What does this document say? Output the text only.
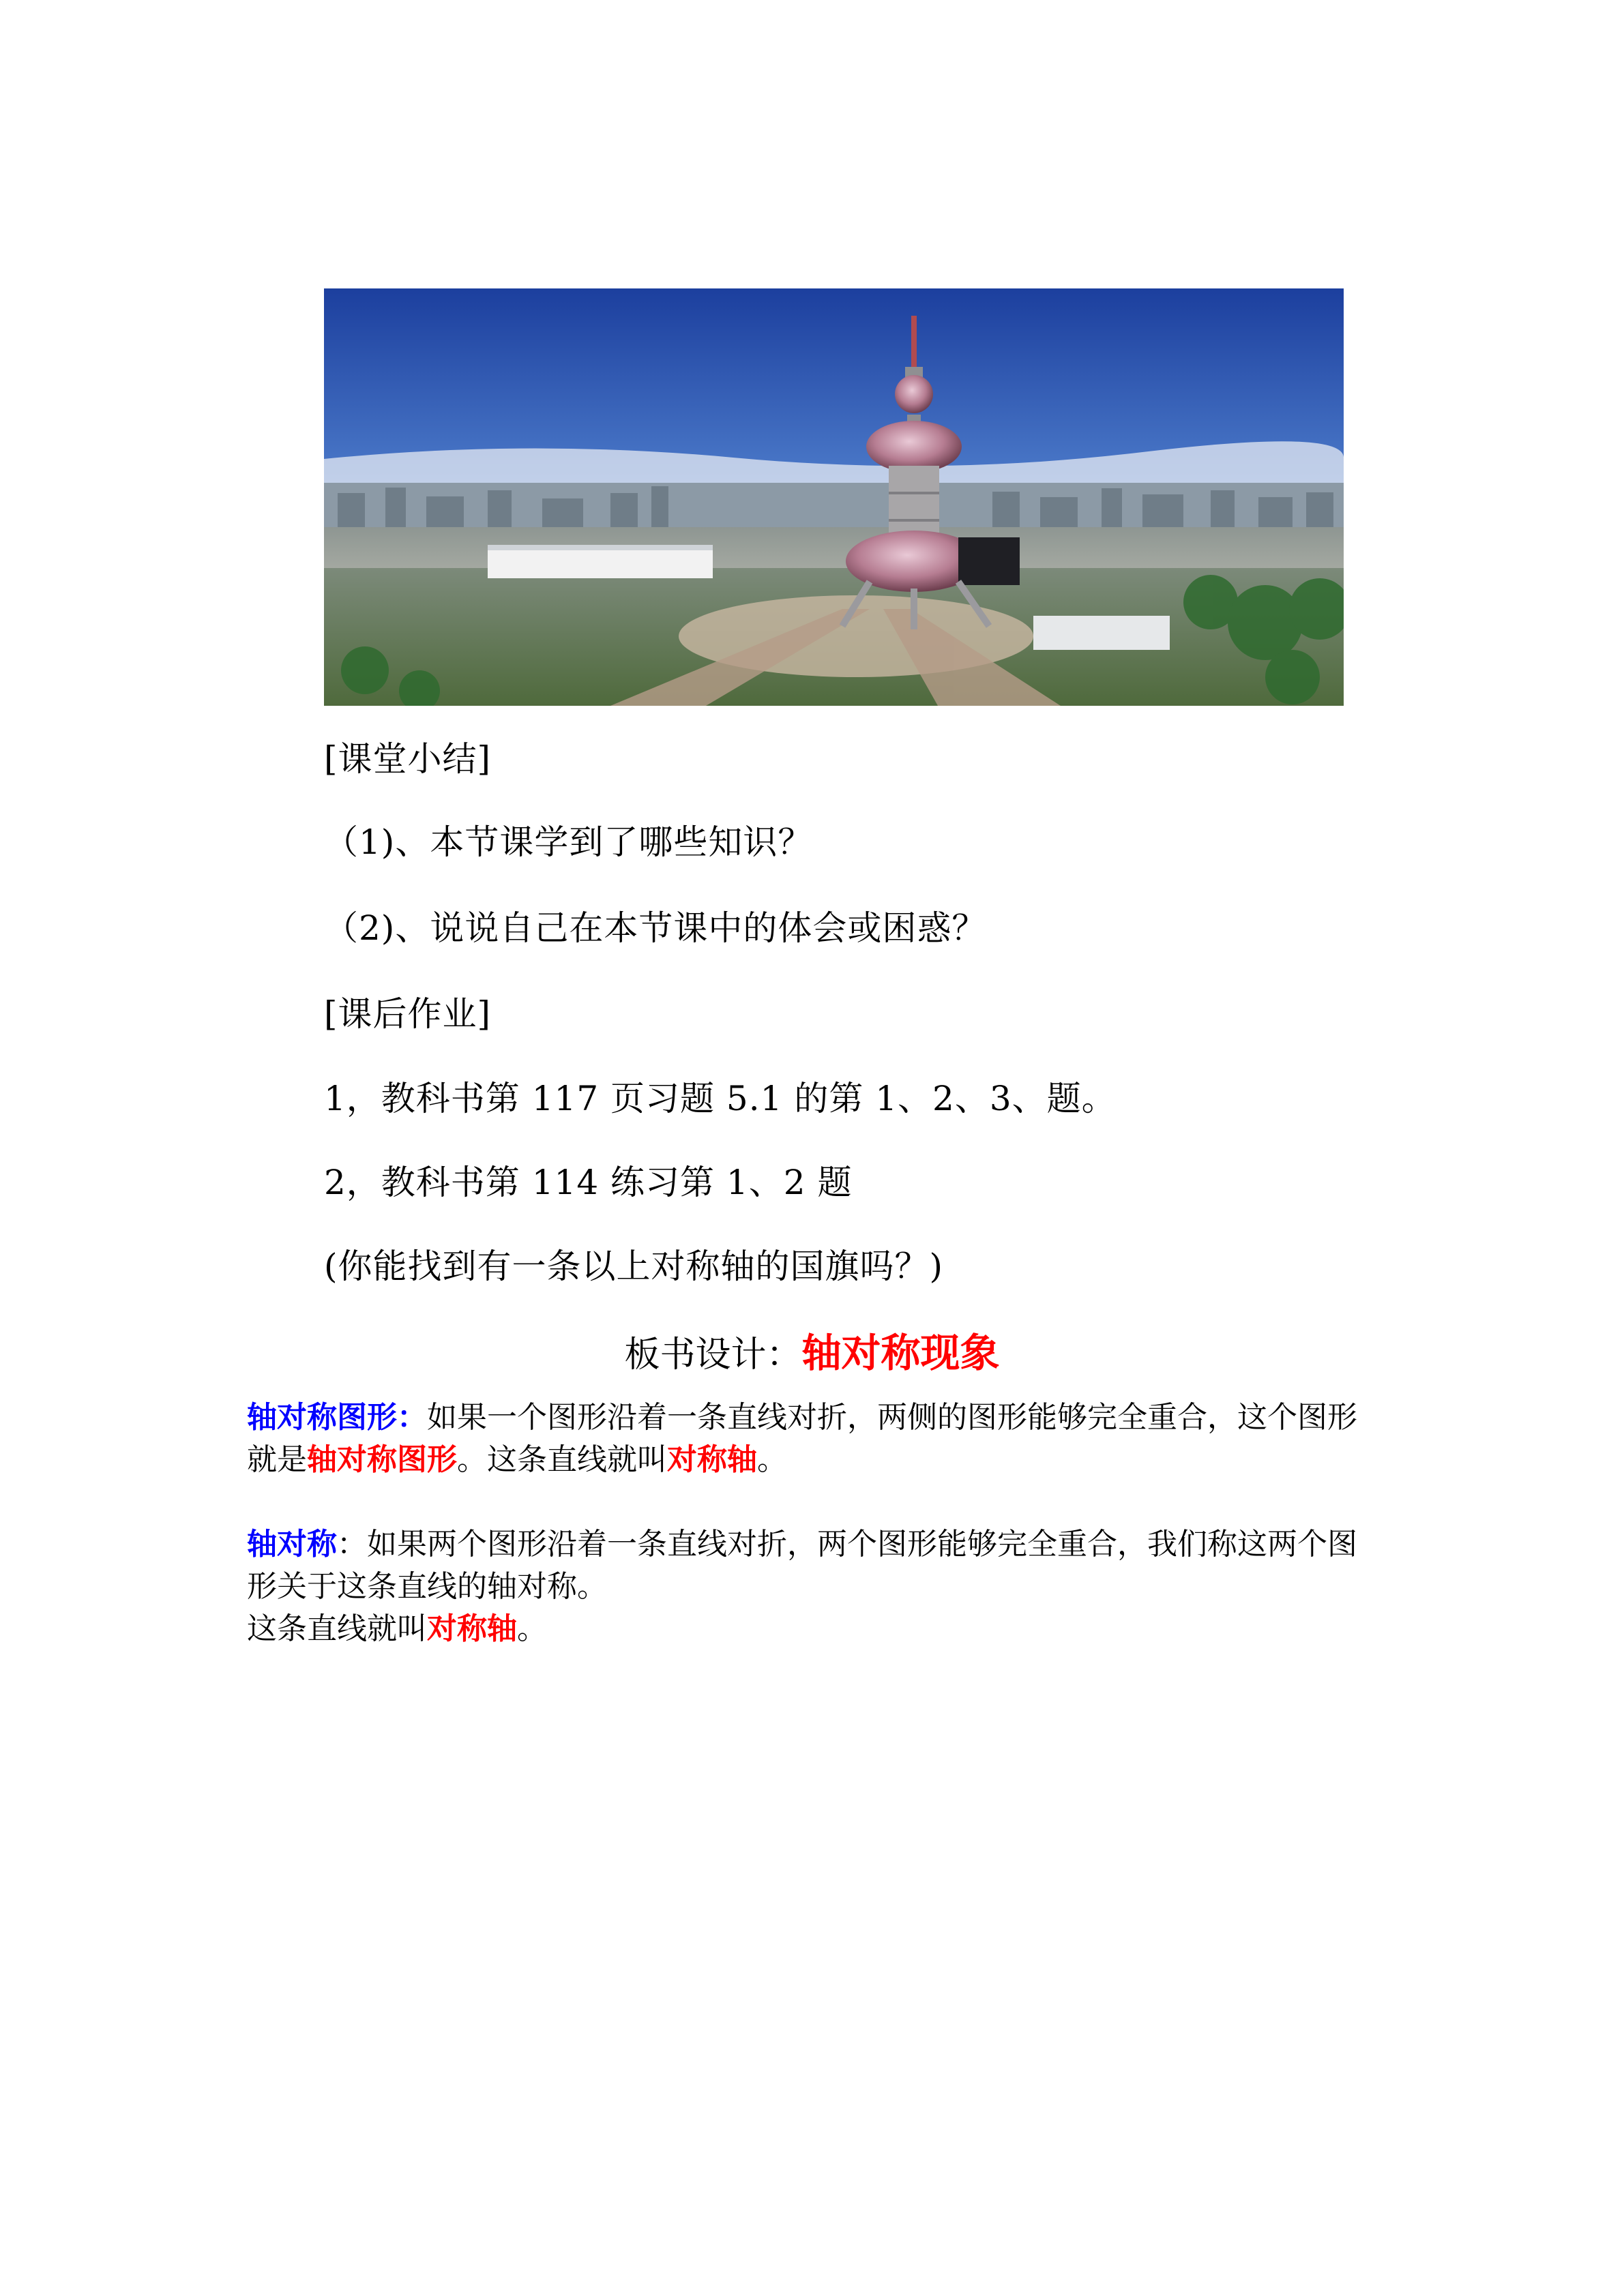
[课堂小结]
（1)、本节课学到了哪些知识？
（2)、说说自己在本节课中的体会或困惑？
[课后作业]
1，教科书第 117 页习题 5.1 的第 1、2、3、题。
2，教科书第 114 练习第 1、2 题
(你能找到有一条以上对称轴的国旗吗？)
板书设计：轴对称现象
轴对称图形：如果一个图形沿着一条直线对折，两侧的图形能够完全重合，这个图形就是轴对称图形。这条直线就叫对称轴。
轴对称：如果两个图形沿着一条直线对折，两个图形能够完全重合，我们称这两个图形关于这条直线的轴对称。
这条直线就叫对称轴。
